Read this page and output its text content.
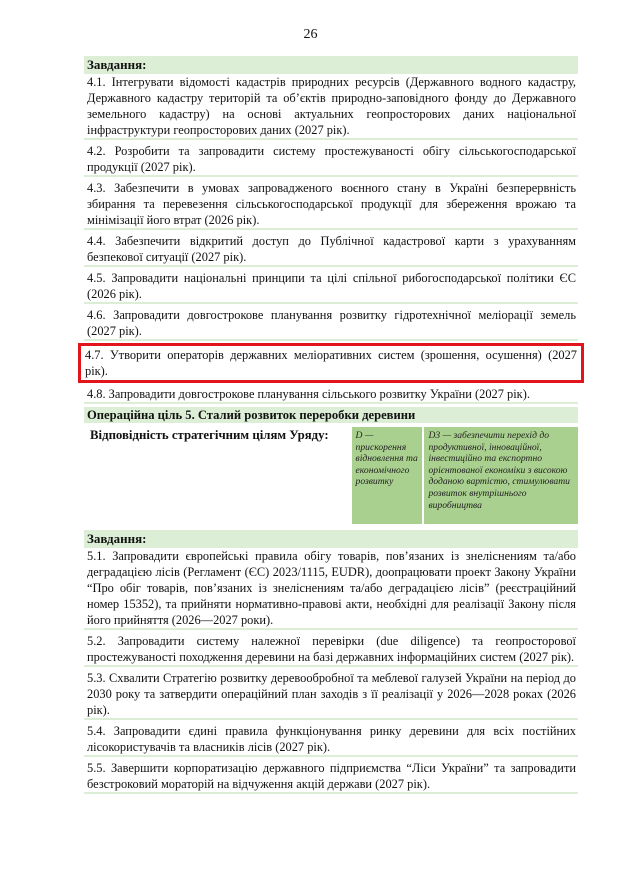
26
Завдання:
4.1. Інтегрувати відомості кадастрів природних ресурсів (Державного водного кадастру, Державного кадастру територій та об’єктів природно-заповідного фонду до Державного земельного кадастру) на основі актуальних геопросторових даних національної інфраструктури геопросторових даних (2027 рік).
4.2. Розробити та запровадити систему простежуваності обігу сільськогосподарської продукції (2027 рік).
4.3. Забезпечити в умовах запровадженого воєнного стану в Україні безперервність збирання та перевезення сільськогосподарської продукції для збереження врожаю та мінімізації його втрат (2026 рік).
4.4. Забезпечити відкритий доступ до Публічної кадастрової карти з урахуванням безпекової ситуації (2027 рік).
4.5. Запровадити національні принципи та цілі спільної рибогосподарської політики ЄС (2026 рік).
4.6. Запровадити довгострокове планування розвитку гідротехнічної меліорації земель (2027 рік).
4.7. Утворити операторів державних меліоративних систем (зрошення, осушення) (2027 рік).
4.8. Запровадити довгострокове планування сільського розвитку України (2027 рік).
Операційна ціль 5. Сталий розвиток переробки деревини
Відповідність стратегічним цілям Уряду:	D — прискорення відновлення та економічного розвитку
D3 — забезпечити перехід до продуктивної, інноваційної, інвестиційно та експортно орієнтованої економіки з високою доданою вартістю, стимулювати розвиток внутрішнього виробництва
Завдання:
5.1. Запровадити європейські правила обігу товарів, пов’язаних із знеліснениям та/або деградацією лісів (Регламент (ЄС) 2023/1115, EUDR), доопрацювати проект Закону України “Про обіг товарів, пов’язаних із знеліснениям та/або деградацією лісів” (реєстраційний номер 15352), та прийняти нормативно-правові акти, необхідні для реалізації Закону після його прийняття (2026—2027 роки).
5.2. Запровадити систему належної перевірки (due diligence) та геопросторової простежуваності походження деревини на базі державних інформаційних систем (2027 рік).
5.3. Схвалити Стратегію розвитку деревообробної та меблевої галузей України на період до 2030 року та затвердити операційний план заходів з її реалізації у 2026—2028 роках (2026 рік).
5.4. Запровадити єдині правила функціонування ринку деревини для всіх постійних лісокористувачів та власників лісів (2027 рік).
5.5. Завершити корпоратизацію державного підприємства “Ліси України” та запровадити безстроковий мораторій на відчуження акцій держави (2027 рік).
